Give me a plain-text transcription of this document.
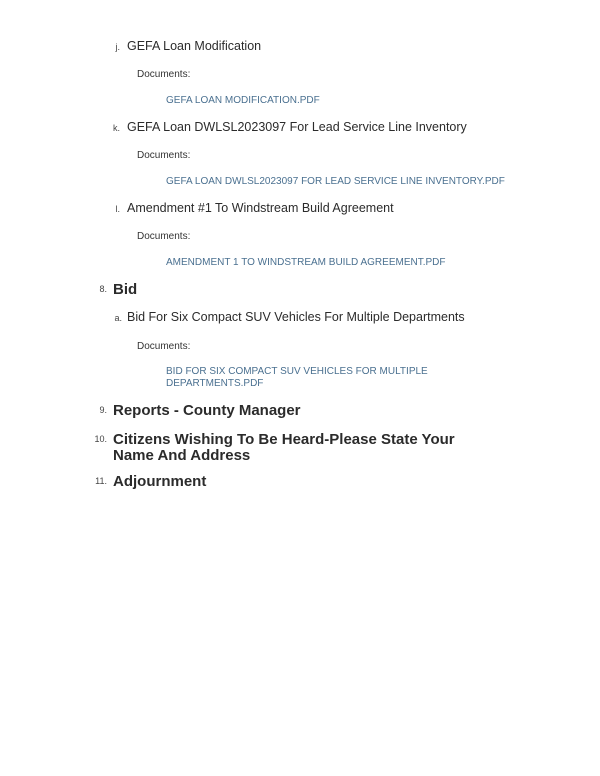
j. GEFA Loan Modification
Documents:
GEFA LOAN MODIFICATION.PDF
k. GEFA Loan DWLSL2023097 For Lead Service Line Inventory
Documents:
GEFA LOAN DWLSL2023097 FOR LEAD SERVICE LINE INVENTORY.PDF
l. Amendment #1 To Windstream Build Agreement
Documents:
AMENDMENT 1 TO WINDSTREAM BUILD AGREEMENT.PDF
8. Bid
a. Bid For Six Compact SUV Vehicles For Multiple Departments
Documents:
BID FOR SIX COMPACT SUV VEHICLES FOR MULTIPLE DEPARTMENTS.PDF
9. Reports - County Manager
10. Citizens Wishing To Be Heard-Please State Your Name And Address
11. Adjournment
